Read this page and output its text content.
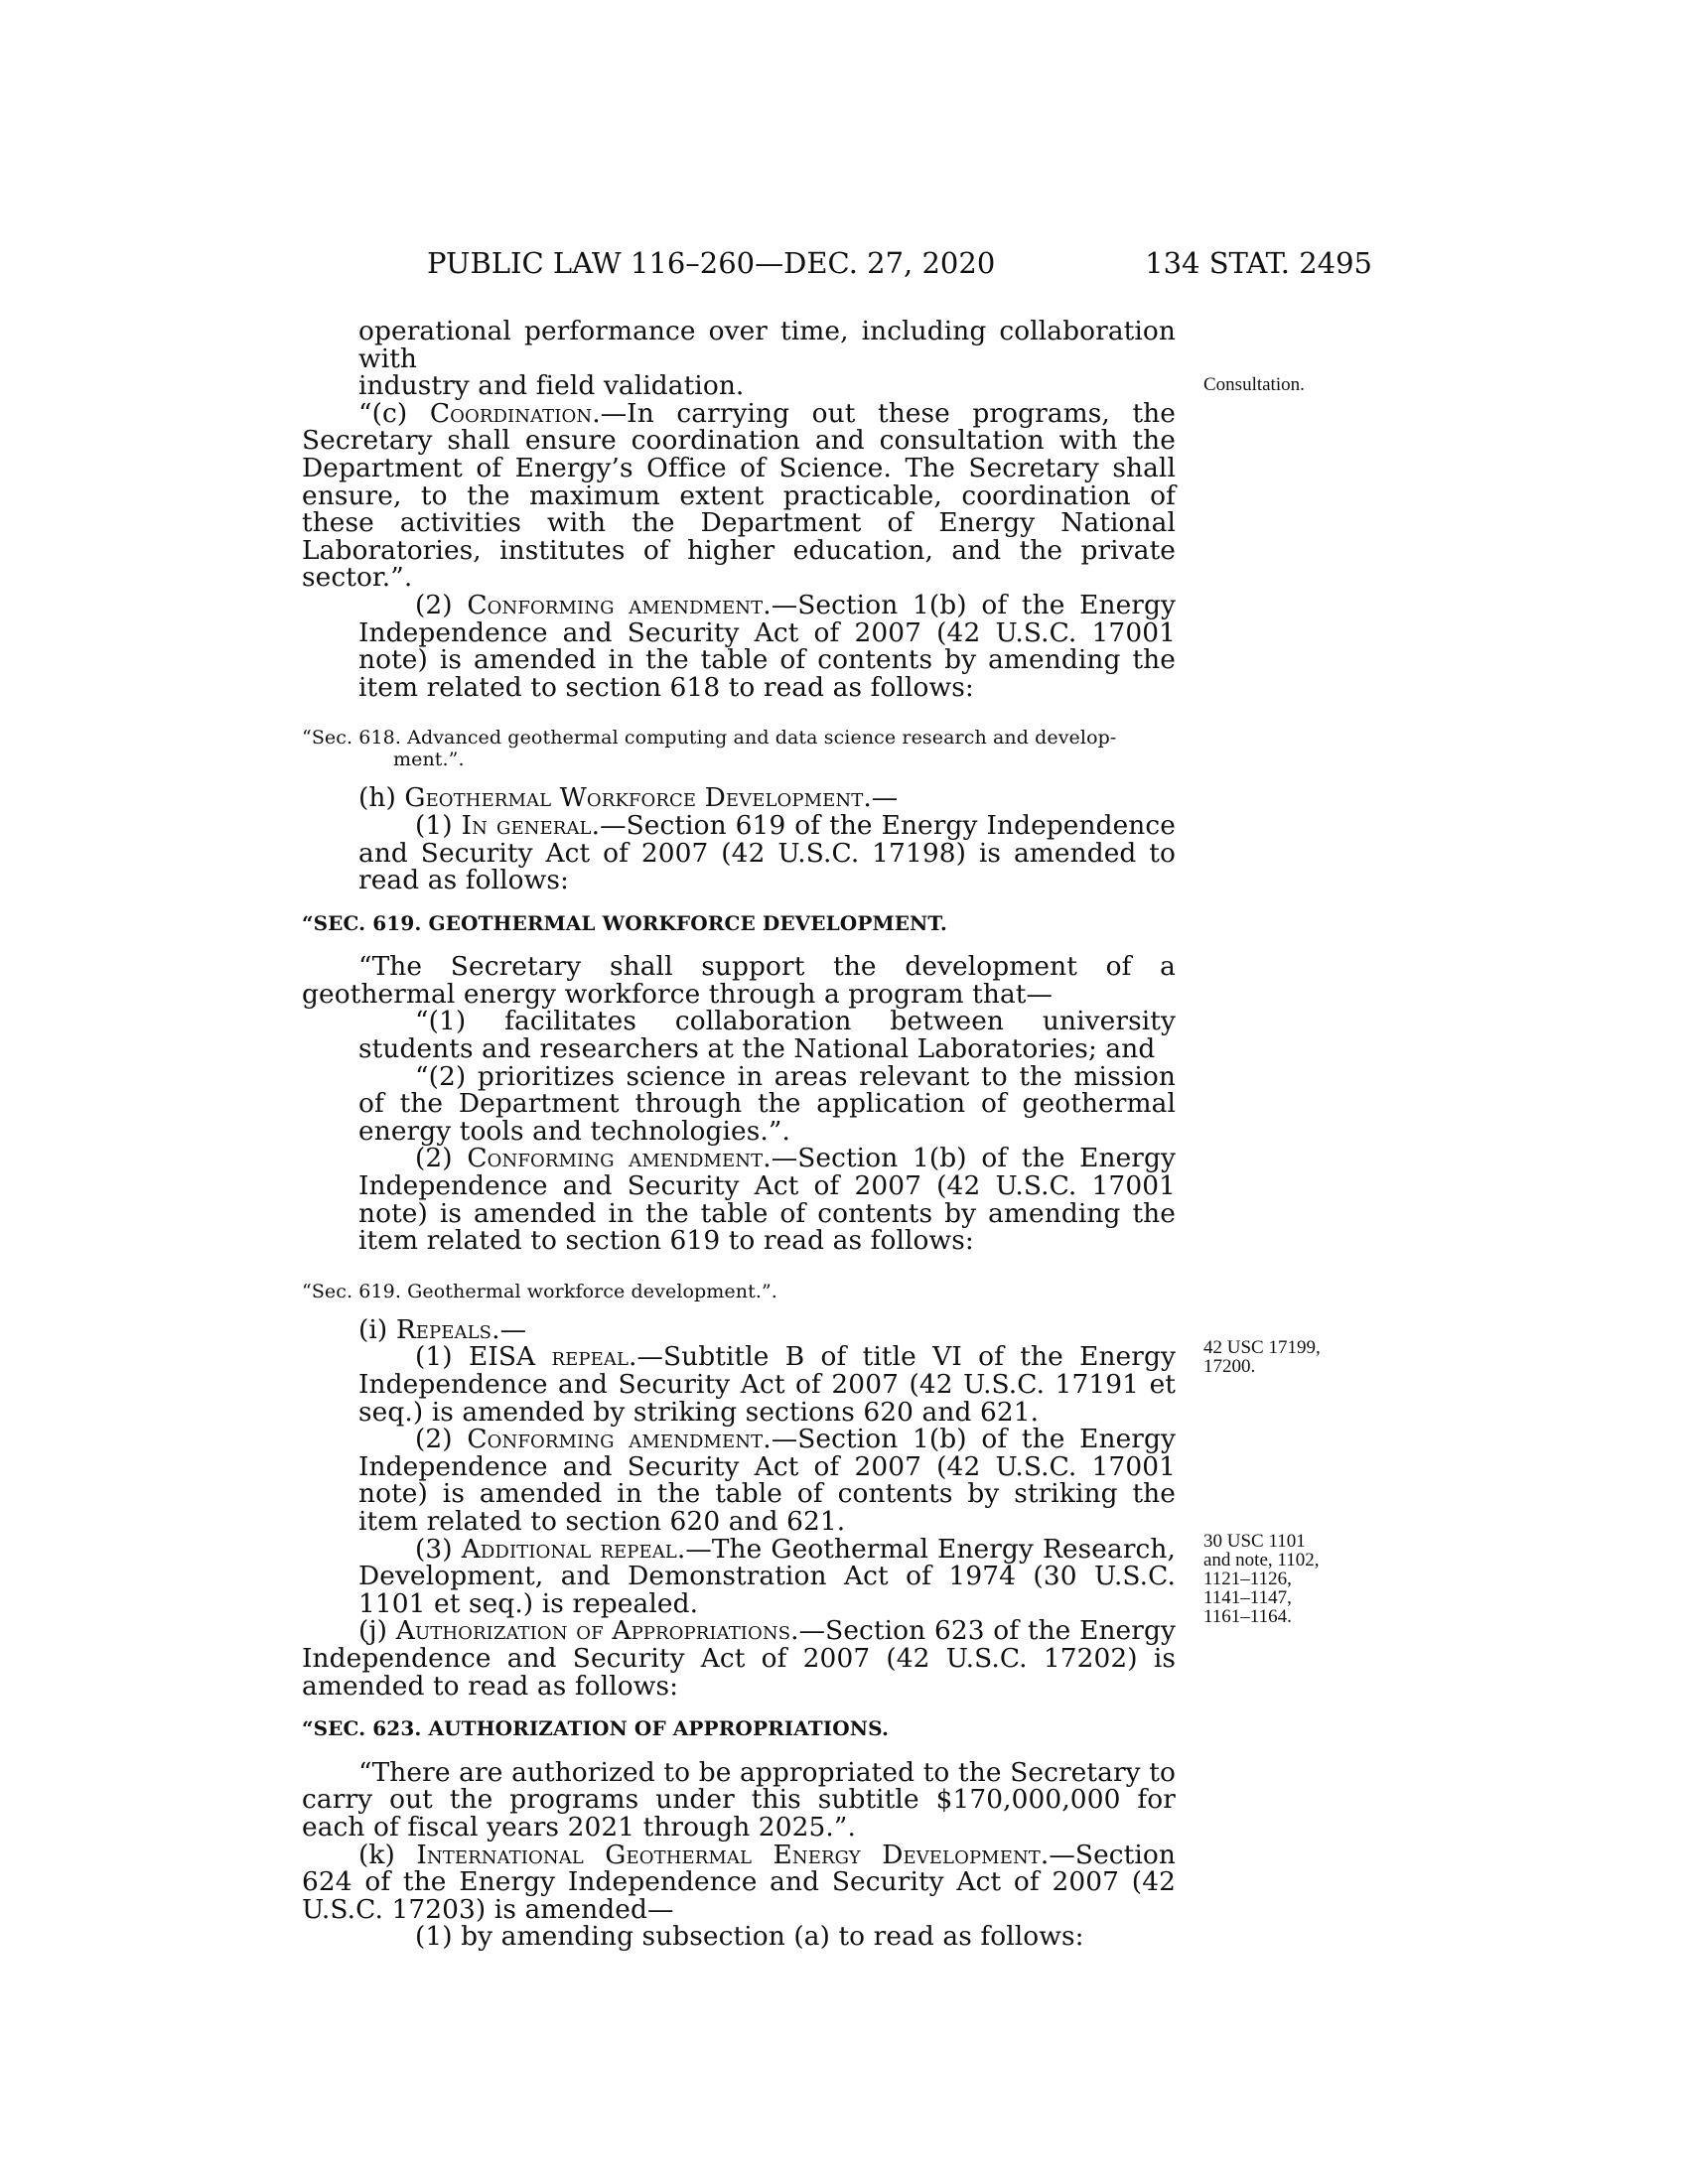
PUBLIC LAW 116–260—DEC. 27, 2020	134 STAT. 2495
Consultation.
42 USC 17199,
17200.
30 USC 1101
and note, 1102,
1121–1126,
1141–1147,
1161–1164.

operational performance over time, including collaboration with
industry and field validation.

“(c) Coordination.—In carrying out these programs, the Secretary shall ensure coordination and consultation with the Department of Energy’s Office of Science. The Secretary shall ensure, to the maximum extent practicable, coordination of these activities with the Department of Energy National Laboratories, institutes of higher education, and the private sector.”.

(2) Conforming amendment.—Section 1(b) of the Energy Independence and Security Act of 2007 (42 U.S.C. 17001 note) is amended in the table of contents by amending the item related to section 618 to read as follows:

“Sec. 618. Advanced geothermal computing and data science research and develop-
ment.”.

(h) Geothermal Workforce Development.—

(1) In general.—Section 619 of the Energy Independence and Security Act of 2007 (42 U.S.C. 17198) is amended to read as follows:

“SEC. 619. GEOTHERMAL WORKFORCE DEVELOPMENT.

“The Secretary shall support the development of a geothermal energy workforce through a program that—

“(1) facilitates collaboration between university students and researchers at the National Laboratories; and

“(2) prioritizes science in areas relevant to the mission of the Department through the application of geothermal energy tools and technologies.”.

(2) Conforming amendment.—Section 1(b) of the Energy Independence and Security Act of 2007 (42 U.S.C. 17001 note) is amended in the table of contents by amending the item related to section 619 to read as follows:

“Sec. 619. Geothermal workforce development.”.

(i) Repeals.—

(1) EISA repeal.—Subtitle B of title VI of the Energy Independence and Security Act of 2007 (42 U.S.C. 17191 et seq.) is amended by striking sections 620 and 621.

(2) Conforming amendment.—Section 1(b) of the Energy Independence and Security Act of 2007 (42 U.S.C. 17001 note) is amended in the table of contents by striking the item related to section 620 and 621.

(3) Additional repeal.—The Geothermal Energy Research, Development, and Demonstration Act of 1974 (30 U.S.C. 1101 et seq.) is repealed.

(j) Authorization of Appropriations.—Section 623 of the Energy Independence and Security Act of 2007 (42 U.S.C. 17202) is amended to read as follows:

“SEC. 623. AUTHORIZATION OF APPROPRIATIONS.

“There are authorized to be appropriated to the Secretary to carry out the programs under this subtitle $170,000,000 for each of fiscal years 2021 through 2025.”.

(k) International Geothermal Energy Development.—Section 624 of the Energy Independence and Security Act of 2007 (42 U.S.C. 17203) is amended—

(1) by amending subsection (a) to read as follows:
